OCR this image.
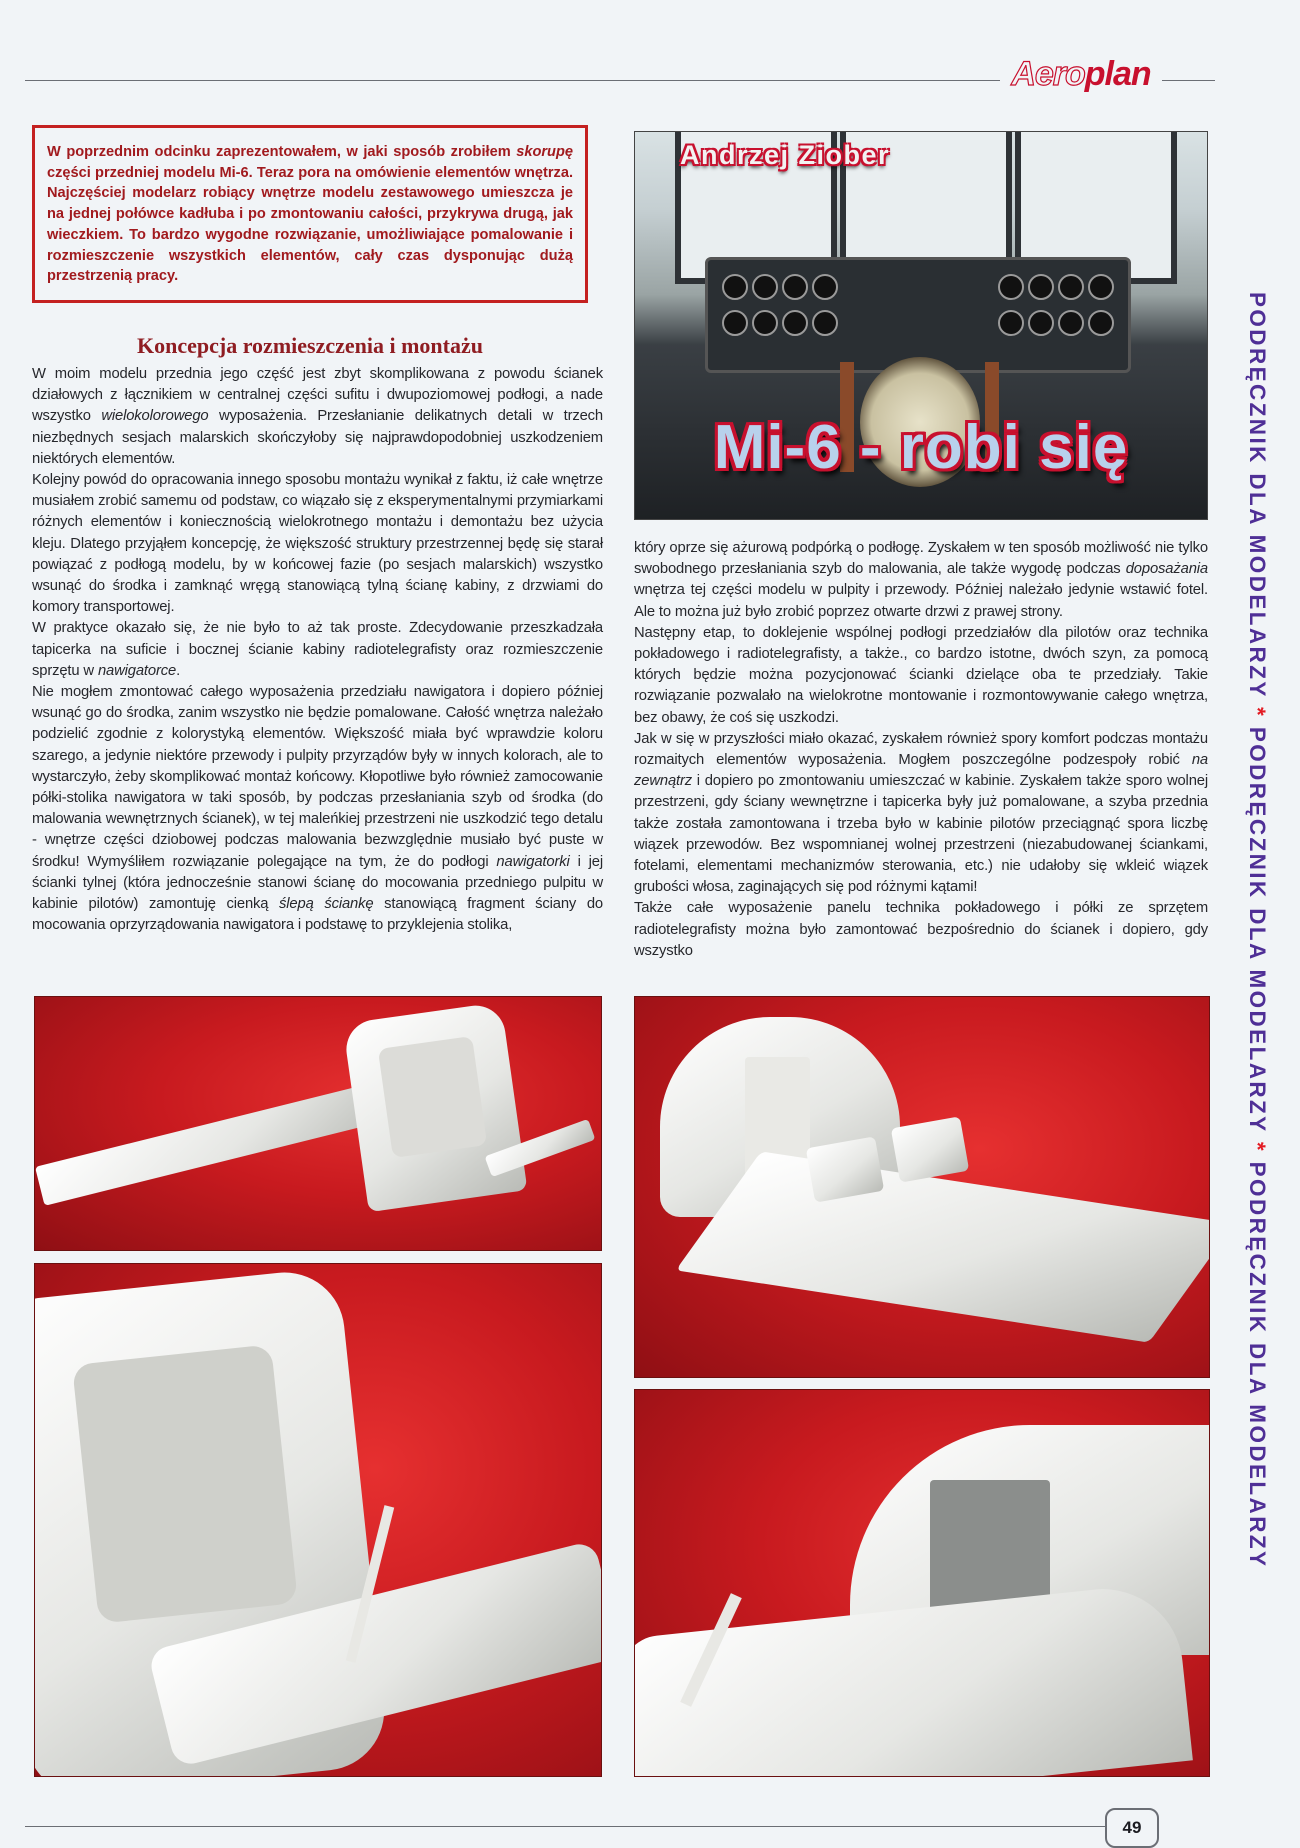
Aeroplan
PODRĘCZNIK DLA MODELARZY * PODRĘCZNIK DLA MODELARZY * PODRĘCZNIK DLA MODELARZY
W poprzednim odcinku zaprezentowałem, w jaki sposób zrobiłem skorupę części przedniej modelu Mi-6. Teraz pora na omówienie elementów wnętrza. Najczęściej modelarz robiący wnętrze modelu zestawowego umieszcza je na jednej połówce kadłuba i po zmontowaniu całości, przykrywa drugą, jak wieczkiem. To bardzo wygodne rozwiązanie, umożliwiające pomalowanie i rozmieszczenie wszystkich elementów, cały czas dysponując dużą przestrzenią pracy.
Andrzej Ziober
Mi-6 - robi się
Koncepcja rozmieszczenia i montażu

W moim modelu przednia jego część jest zbyt skomplikowana z powodu ścianek działowych z łącznikiem w centralnej części sufitu i dwupoziomowej podłogi, a nade wszystko wielokolorowego wyposażenia. Przesłanianie delikatnych detali w trzech niezbędnych sesjach malarskich skończyłoby się najprawdopodobniej uszkodzeniem niektórych elementów.

Kolejny powód do opracowania innego sposobu montażu wynikał z faktu, iż całe wnętrze musiałem zrobić samemu od podstaw, co wiązało się z eksperymentalnymi przymiarkami różnych elementów i koniecznością wielokrotnego montażu i demontażu bez użycia kleju. Dlatego przyjąłem koncepcję, że większość struktury przestrzennej będę się starał powiązać z podłogą modelu, by w końcowej fazie (po sesjach malarskich) wszystko wsunąć do środka i zamknąć wręgą stanowiącą tylną ścianę kabiny, z drzwiami do komory transportowej.

W praktyce okazało się, że nie było to aż tak proste. Zdecydowanie przeszkadzała tapicerka na suficie i bocznej ścianie kabiny radiotelegrafisty oraz rozmieszczenie sprzętu w nawigatorce.

Nie mogłem zmontować całego wyposażenia przedziału nawigatora i dopiero później wsunąć go do środka, zanim wszystko nie będzie pomalowane. Całość wnętrza należało podzielić zgodnie z kolorystyką elementów. Większość miała być wprawdzie koloru szarego, a jedynie niektóre przewody i pulpity przyrządów były w innych kolorach, ale to wystarczyło, żeby skomplikować montaż końcowy. Kłopotliwe było również zamocowanie półki-stolika nawigatora w taki sposób, by podczas przesłaniania szyb od środka (do malowania wewnętrznych ścianek), w tej maleńkiej przestrzeni nie uszkodzić tego detalu - wnętrze części dziobowej podczas malowania bezwzględnie musiało być puste w środku! Wymyśliłem rozwiązanie polegające na tym, że do podłogi nawigatorki i jej ścianki tylnej (która jednocześnie stanowi ścianę do mocowania przedniego pulpitu w kabinie pilotów) zamontuję cienką ślepą ściankę stanowiącą fragment ściany do mocowania oprzyrządowania nawigatora i podstawę to przyklejenia stolika,

który oprze się ażurową podpórką o podłogę. Zyskałem w ten sposób możliwość nie tylko swobodnego przesłaniania szyb do malowania, ale także wygodę podczas doposażania wnętrza tej części modelu w pulpity i przewody. Później należało jedynie wstawić fotel. Ale to można już było zrobić poprzez otwarte drzwi z prawej strony.

Następny etap, to doklejenie wspólnej podłogi przedziałów dla pilotów oraz technika pokładowego i radiotelegrafisty, a także., co bardzo istotne, dwóch szyn, za pomocą których będzie można pozycjonować ścianki dzielące oba te przedziały. Takie rozwiązanie pozwalało na wielokrotne montowanie i rozmontowywanie całego wnętrza, bez obawy, że coś się uszkodzi.

Jak w się w przyszłości miało okazać, zyskałem również spory komfort podczas montażu rozmaitych elementów wyposażenia. Mogłem poszczególne podzespoły robić na zewnątrz i dopiero po zmontowaniu umieszczać w kabinie. Zyskałem także sporo wolnej przestrzeni, gdy ściany wewnętrzne i tapicerka były już pomalowane, a szyba przednia także została zamontowana i trzeba było w kabinie pilotów przeciągnąć spora liczbę wiązek przewodów. Bez wspomnianej wolnej przestrzeni (niezabudowanej ściankami, fotelami, elementami mechanizmów sterowania, etc.) nie udałoby się wkleić wiązek grubości włosa, zaginających się pod różnymi kątami!

Także całe wyposażenie panelu technika pokładowego i półki ze sprzętem radiotelegrafisty można było zamontować bezpośrednio do ścianek i dopiero, gdy wszystko

49
